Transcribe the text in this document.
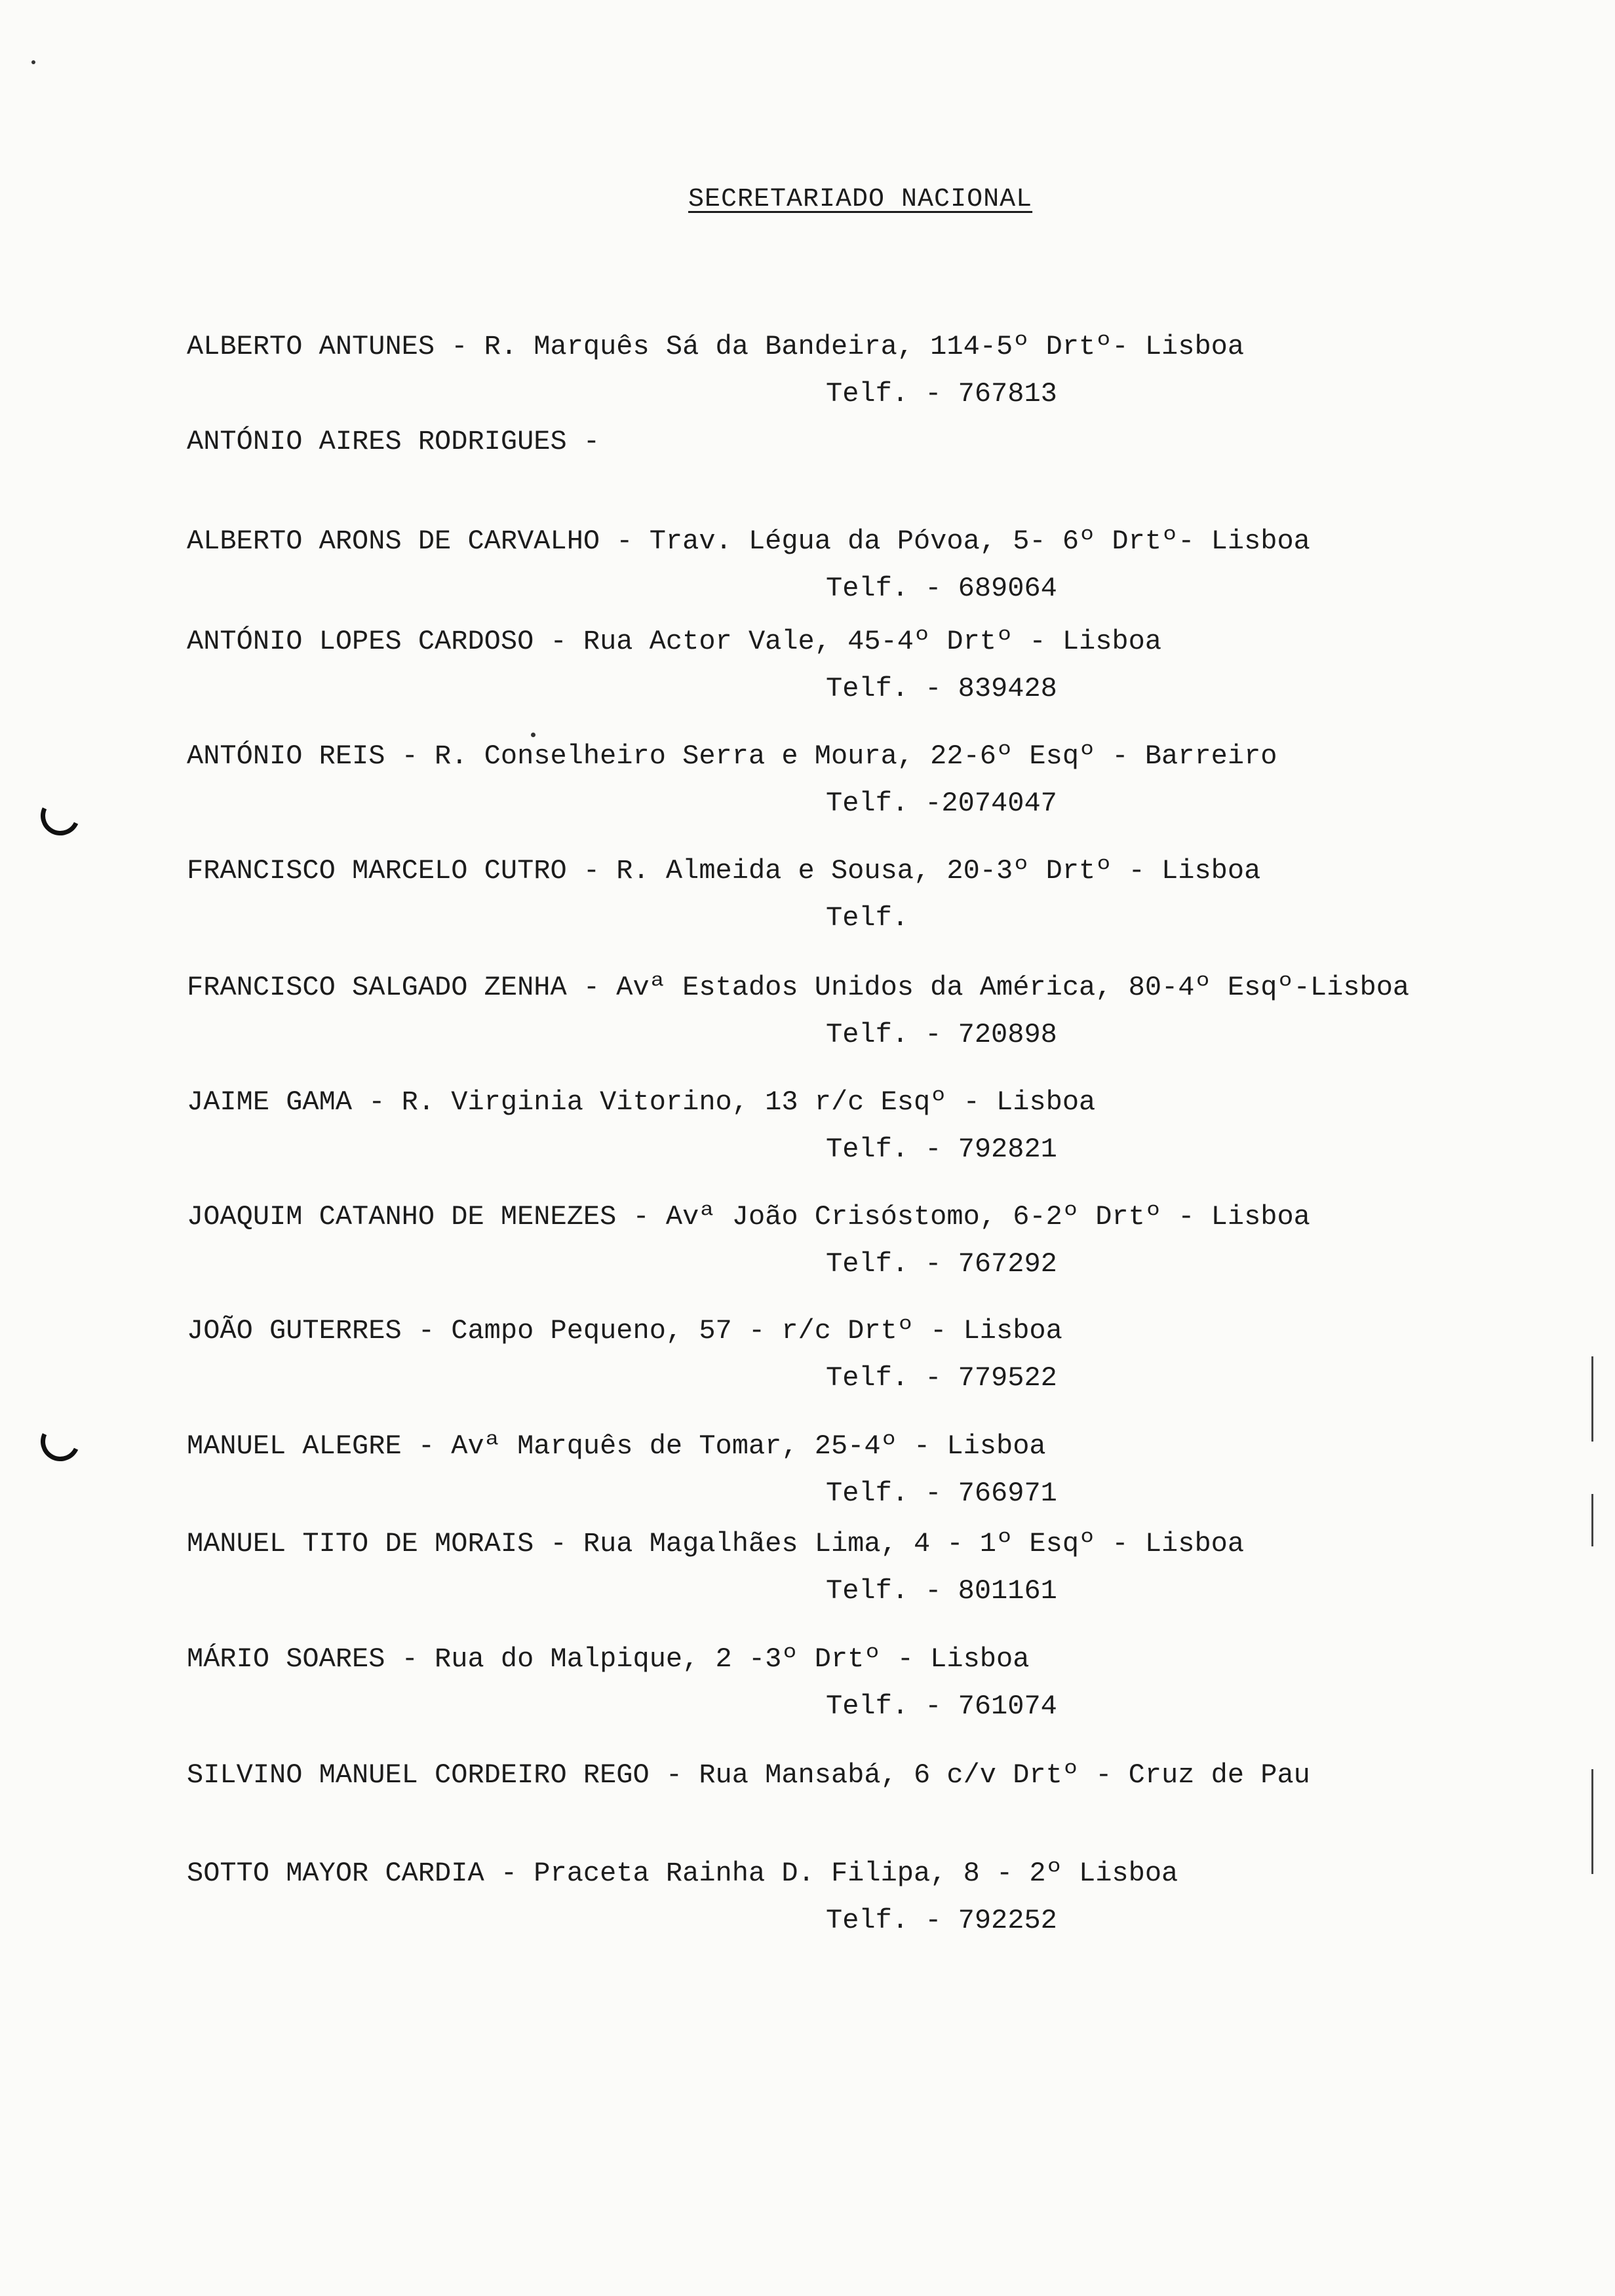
SECRETARIADO NACIONAL
ALBERTO ANTUNES - R. Marquês Sá da Bandeira, 114-5º Drtº- Lisboa
Telf. - 767813
ANTÓNIO AIRES RODRIGUES -
ALBERTO ARONS DE CARVALHO - Trav. Légua da Póvoa, 5- 6º Drtº- Lisboa
Telf. - 689064
ANTÓNIO LOPES CARDOSO - Rua Actor Vale, 45-4º Drtº - Lisboa
Telf. - 839428
ANTÓNIO REIS - R. Conselheiro Serra e Moura, 22-6º Esqº - Barreiro
Telf. -2074047
FRANCISCO MARCELO CUTRO - R. Almeida e Sousa, 20-3º Drtº - Lisboa
Telf.
FRANCISCO SALGADO ZENHA - Avª Estados Unidos da América, 80-4º Esqº-Lisboa
Telf. - 720898
JAIME GAMA - R. Virginia Vitorino, 13 r/c Esqº - Lisboa
Telf. - 792821
JOAQUIM CATANHO DE MENEZES - Avª João Crisóstomo, 6-2º Drtº - Lisboa
Telf. - 767292
JOÃO GUTERRES - Campo Pequeno, 57 - r/c Drtº - Lisboa
Telf. - 779522
MANUEL ALEGRE - Avª Marquês de Tomar, 25-4º - Lisboa
Telf. - 766971
MANUEL TITO DE MORAIS - Rua Magalhães Lima, 4 - 1º Esqº - Lisboa
Telf. - 801161
MÁRIO SOARES - Rua do Malpique, 2 -3º Drtº - Lisboa
Telf. - 761074
SILVINO MANUEL CORDEIRO REGO - Rua Mansabá, 6 c/v Drtº - Cruz de Pau
SOTTO MAYOR CARDIA - Praceta Rainha D. Filipa, 8 - 2º Lisboa
Telf. - 792252
